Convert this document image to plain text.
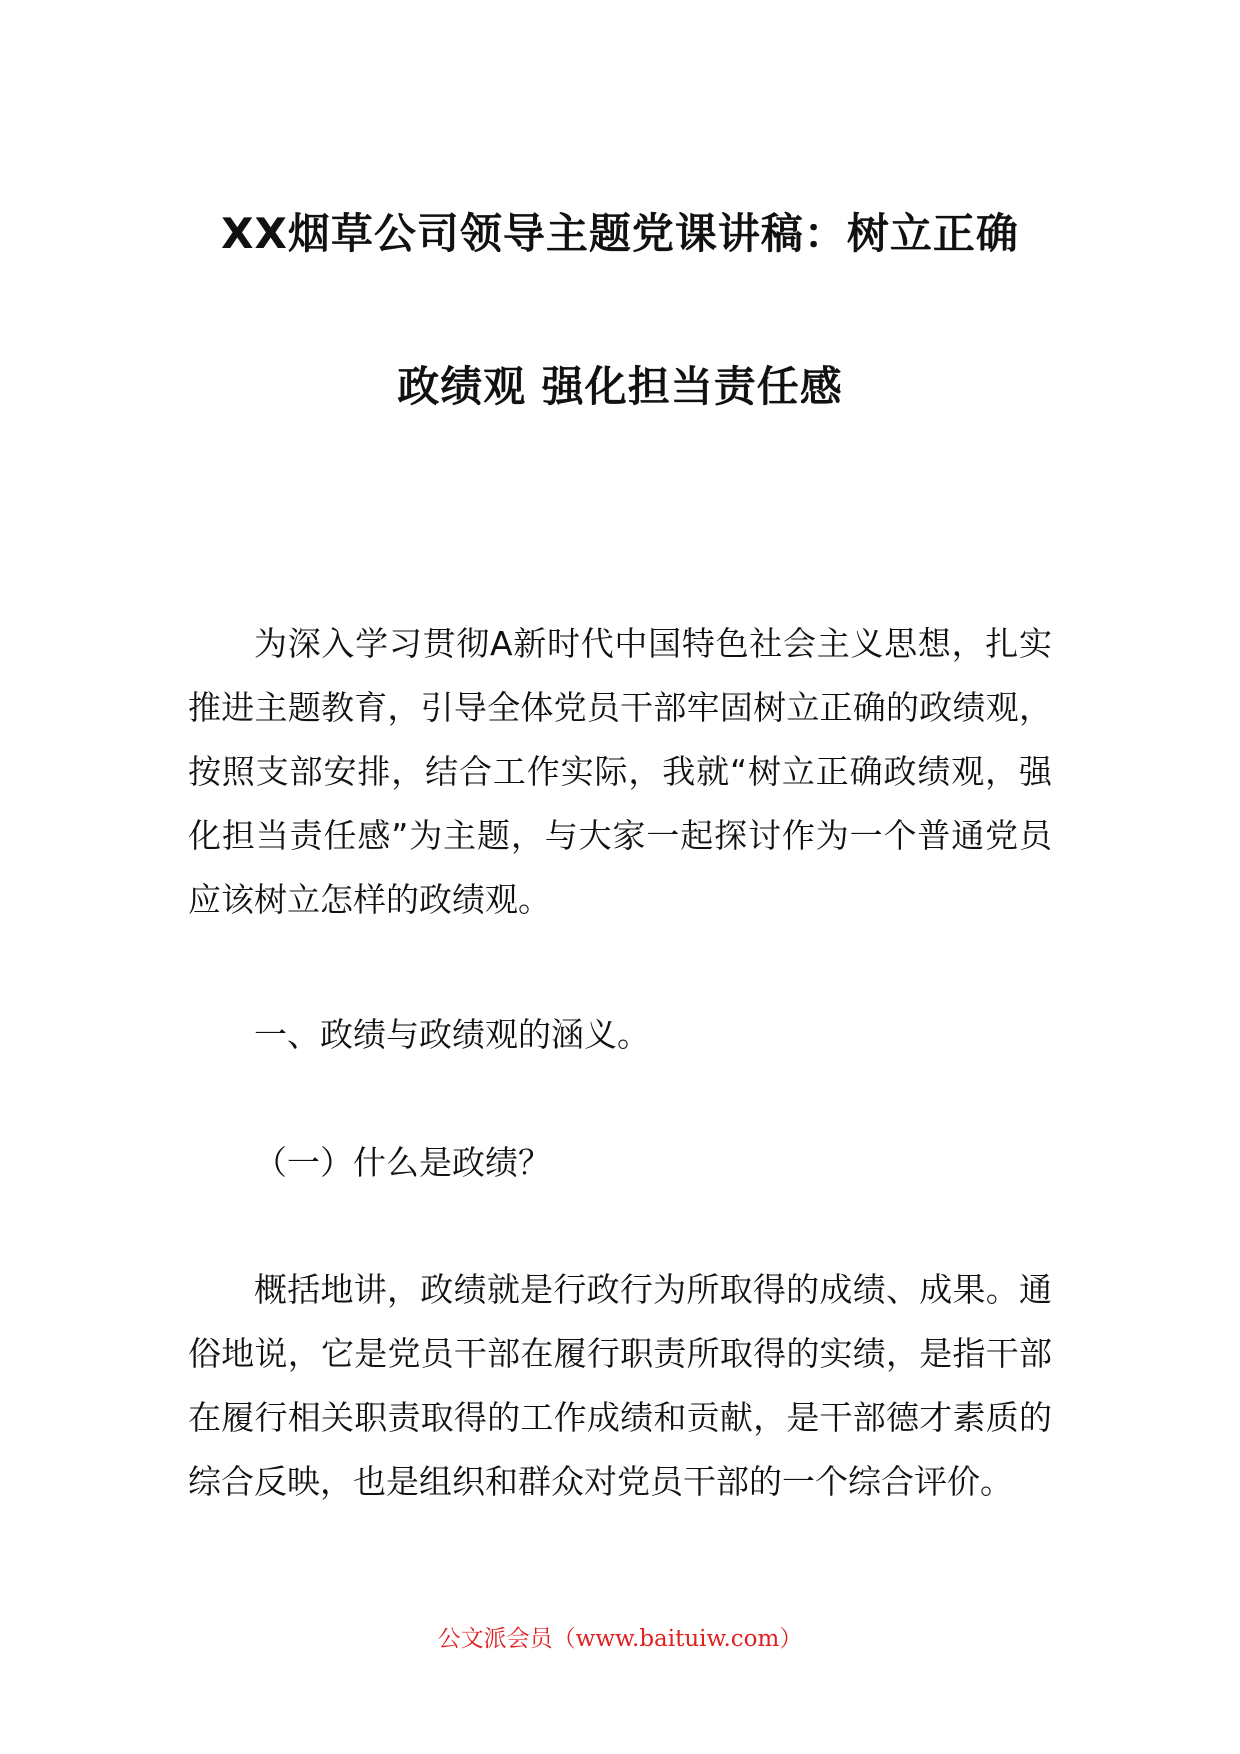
XX烟草公司领导主题党课讲稿：树立正确
政绩观 强化担当责任感

为深入学习贯彻A新时代中国特色社会主义思想，扎实推进主题教育，引导全体党员干部牢固树立正确的政绩观，按照支部安排，结合工作实际，我就“树立正确政绩观，强化担当责任感”为主题，与大家一起探讨作为一个普通党员应该树立怎样的政绩观。

一、政绩与政绩观的涵义。

（一）什么是政绩？

概括地讲，政绩就是行政行为所取得的成绩、成果。通俗地说，它是党员干部在履行职责所取得的实绩，是指干部在履行相关职责取得的工作成绩和贡献，是干部德才素质的综合反映，也是组织和群众对党员干部的一个综合评价。

公文派会员（www.baituiw.com）
